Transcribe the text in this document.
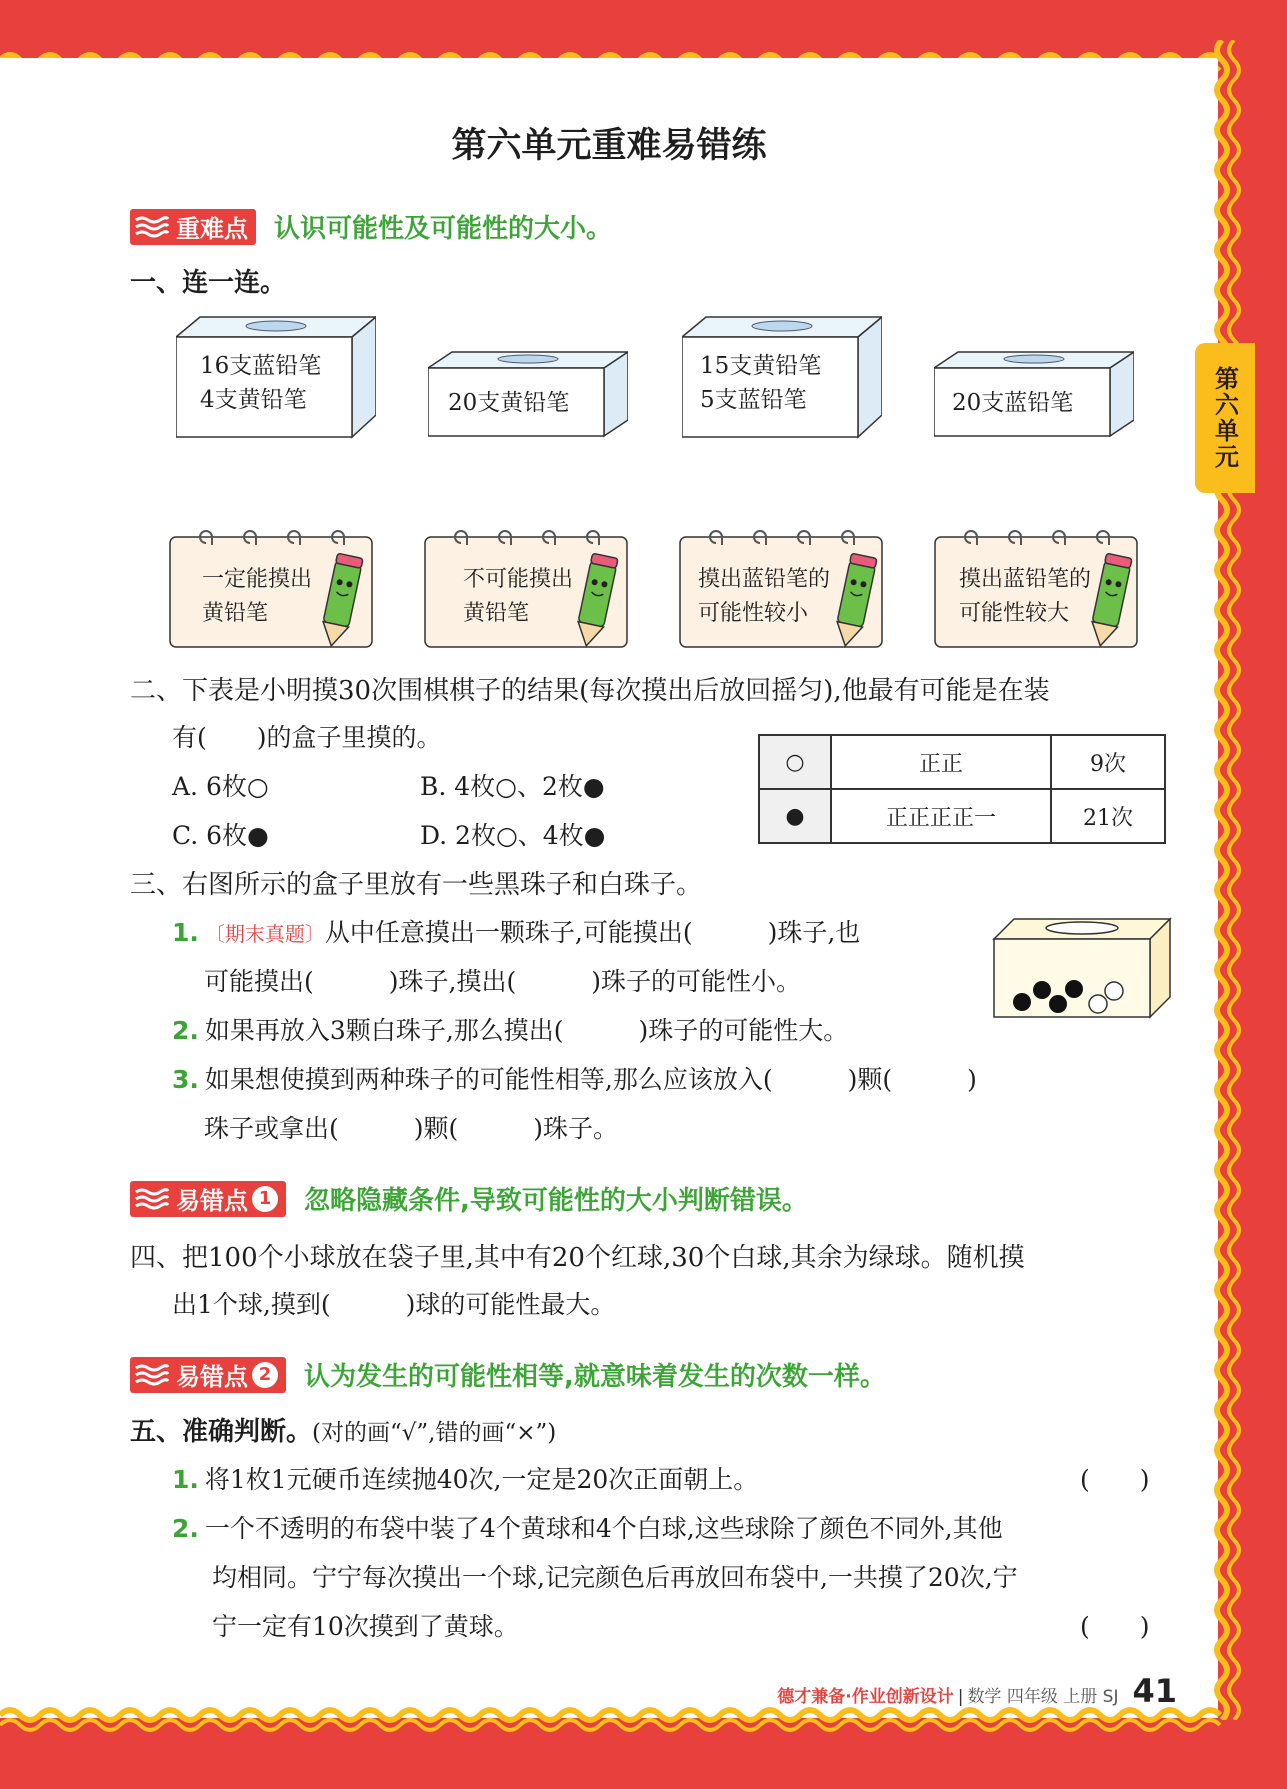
第六单元
第六单元重难易错练
重难点 认识可能性及可能性的大小。
一、连一连。
16支蓝铅笔
4支黄铅笔	20支黄铅笔
15支黄铅笔
5支蓝铅笔	20支蓝铅笔
一定能摸出
黄铅笔
不可能摸出
黄铅笔
摸出蓝铅笔的
可能性较小
摸出蓝铅笔的
可能性较大
二、下表是小明摸30次围棋棋子的结果(每次摸出后放回摇匀),他最有可能是在装
有(　　)的盒子里摸的。
A. 6枚○	B. 4枚○、2枚●
C. 6枚●	D. 2枚○、4枚●
○	正正	9次
●	正正正正一	21次
三、右图所示的盒子里放有一些黑珠子和白珠子。
1. 〔期末真题〕从中任意摸出一颗珠子,可能摸出(　　　)珠子,也
可能摸出(　　　)珠子,摸出(　　　)珠子的可能性小。
2. 如果再放入3颗白珠子,那么摸出(　　　)珠子的可能性大。
3. 如果想使摸到两种珠子的可能性相等,那么应该放入(　　　)颗(　　　)
珠子或拿出(　　　)颗(　　　)珠子。
易错点 1 忽略隐藏条件,导致可能性的大小判断错误。
四、把100个小球放在袋子里,其中有20个红球,30个白球,其余为绿球。随机摸
出1个球,摸到(　　　)球的可能性最大。
易错点 2 认为发生的可能性相等,就意味着发生的次数一样。
五、准确判断。(对的画“√”,错的画“×”)
1. 将1枚1元硬币连续抛40次,一定是20次正面朝上。	(　　)
2. 一个不透明的布袋中装了4个黄球和4个白球,这些球除了颜色不同外,其他
均相同。宁宁每次摸出一个球,记完颜色后再放回布袋中,一共摸了20次,宁
宁一定有10次摸到了黄球。	(　　)
德才兼备·作业创新设计 | 数学 四年级 上册 SJ 41
